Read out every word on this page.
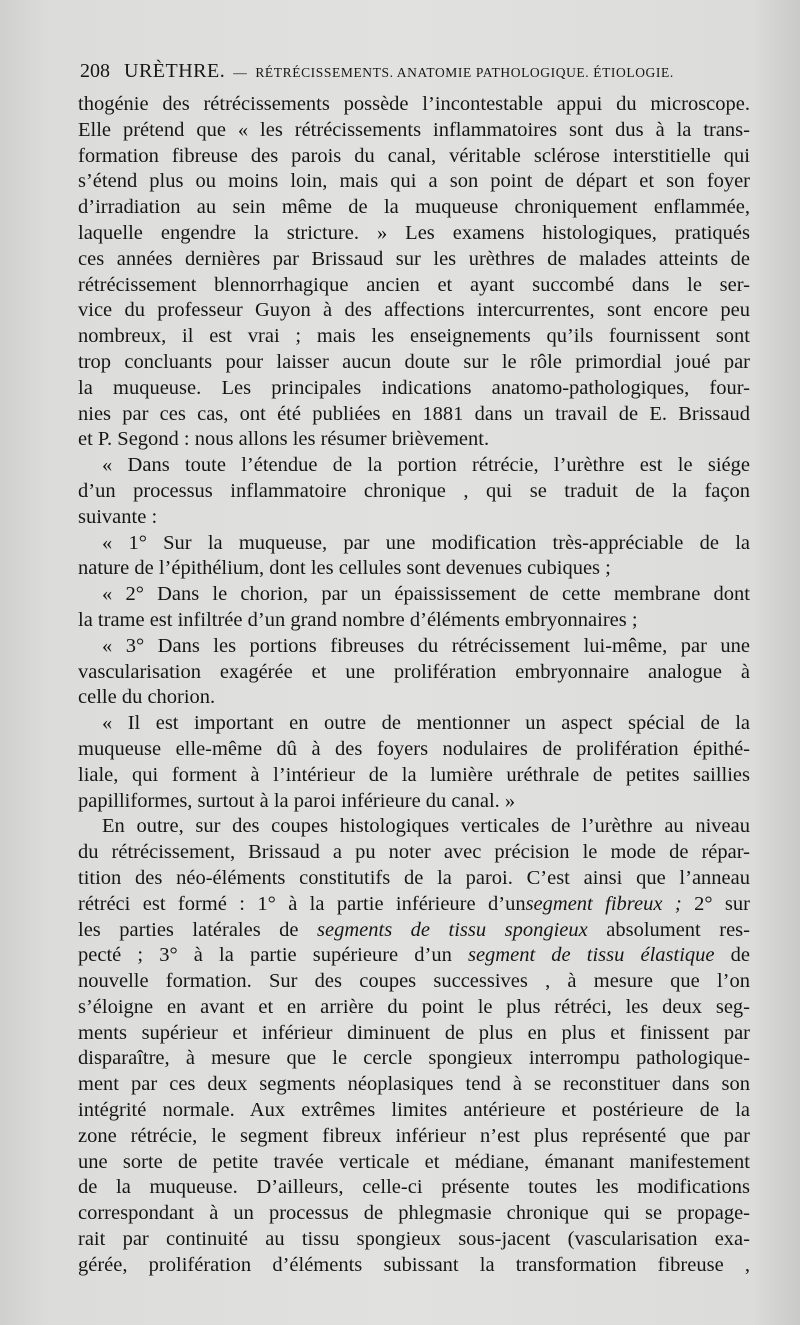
208 URÈTHRE. — RÉTRÉCISSEMENTS. ANATOMIE PATHOLOGIQUE. ÉTIOLOGIE.
thogénie des rétrécissements possède l’incontestable appui du microscope.
Elle prétend que « les rétrécissements inflammatoires sont dus à la trans-
formation fibreuse des parois du canal, véritable sclérose interstitielle qui
s’étend plus ou moins loin, mais qui a son point de départ et son foyer
d’irradiation au sein même de la muqueuse chroniquement enflammée,
laquelle engendre la stricture. » Les examens histologiques, pratiqués
ces années dernières par Brissaud sur les urèthres de malades atteints de
rétrécissement blennorrhagique ancien et ayant succombé dans le ser-
vice du professeur Guyon à des affections intercurrentes, sont encore peu
nombreux, il est vrai ; mais les enseignements qu’ils fournissent sont
trop concluants pour laisser aucun doute sur le rôle primordial joué par
la muqueuse. Les principales indications anatomo-pathologiques, four-
nies par ces cas, ont été publiées en 1881 dans un travail de E. Brissaud
et P. Segond : nous allons les résumer brièvement.
« Dans toute l’étendue de la portion rétrécie, l’urèthre est le siége
d’un processus inflammatoire chronique , qui se traduit de la façon
suivante :
« 1° Sur la muqueuse, par une modification très-appréciable de la
nature de l’épithélium, dont les cellules sont devenues cubiques ;
« 2° Dans le chorion, par un épaississement de cette membrane dont
la trame est infiltrée d’un grand nombre d’éléments embryonnaires ;
« 3° Dans les portions fibreuses du rétrécissement lui-même, par une
vascularisation exagérée et une prolifération embryonnaire analogue à
celle du chorion.
« Il est important en outre de mentionner un aspect spécial de la
muqueuse elle-même dû à des foyers nodulaires de prolifération épithé-
liale, qui forment à l’intérieur de la lumière uréthrale de petites saillies
papilliformes, surtout à la paroi inférieure du canal. »
En outre, sur des coupes histologiques verticales de l’urèthre au niveau
du rétrécissement, Brissaud a pu noter avec précision le mode de répar-
tition des néo-éléments constitutifs de la paroi. C’est ainsi que l’anneau
rétréci est formé : 1° à la partie inférieure d’unsegment fibreux ; 2° sur
les parties latérales de segments de tissu spongieux absolument res-
pecté ; 3° à la partie supérieure d’un segment de tissu élastique de
nouvelle formation. Sur des coupes successives , à mesure que l’on
s’éloigne en avant et en arrière du point le plus rétréci, les deux seg-
ments supérieur et inférieur diminuent de plus en plus et finissent par
disparaître, à mesure que le cercle spongieux interrompu pathologique-
ment par ces deux segments néoplasiques tend à se reconstituer dans son
intégrité normale. Aux extrêmes limites antérieure et postérieure de la
zone rétrécie, le segment fibreux inférieur n’est plus représenté que par
une sorte de petite travée verticale et médiane, émanant manifestement
de la muqueuse. D’ailleurs, celle-ci présente toutes les modifications
correspondant à un processus de phlegmasie chronique qui se propage-
rait par continuité au tissu spongieux sous-jacent (vascularisation exa-
gérée, prolifération d’éléments subissant la transformation fibreuse ,
